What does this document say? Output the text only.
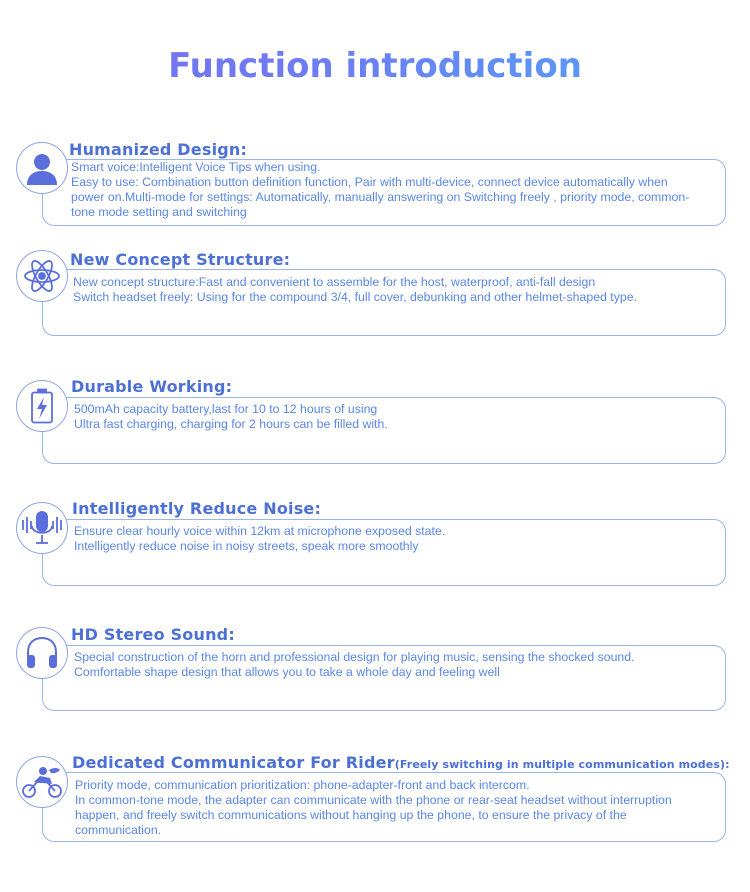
Function introduction
Humanized Design:
Smart voice:Intelligent Voice Tips when using.
Easy to use: Combination button definition function, Pair with multi-device, connect device automatically when power on.Multi-mode for settings: Automatically, manually answering on Switching freely , priority mode, common-tone mode setting and switching
New Concept Structure:
New concept structure:Fast and convenient to assemble for the host, waterproof, anti-fall design
Switch headset freely: Using for the compound 3/4, full cover, debunking and other helmet-shaped type.
Durable Working:
500mAh capacity battery,last for 10 to 12 hours of using
Ultra fast charging, charging for 2 hours can be filled with.
Intelligently Reduce Noise:
Ensure clear hourly voice within 12km at microphone exposed state.
Intelligently reduce noise in noisy streets, speak more smoothly
HD Stereo Sound:
Special construction of the horn and professional design for playing music, sensing the shocked sound.
Comfortable shape design that allows you to take a whole day and feeling well
Dedicated Communicator For Rider(Freely switching in multiple communication modes):
Priority mode, communication prioritization: phone-adapter-front and back intercom.
In common-tone mode, the adapter can communicate with the phone or rear-seat headset without interruption happen, and freely switch communications without hanging up the phone, to ensure the privacy of the communication.
